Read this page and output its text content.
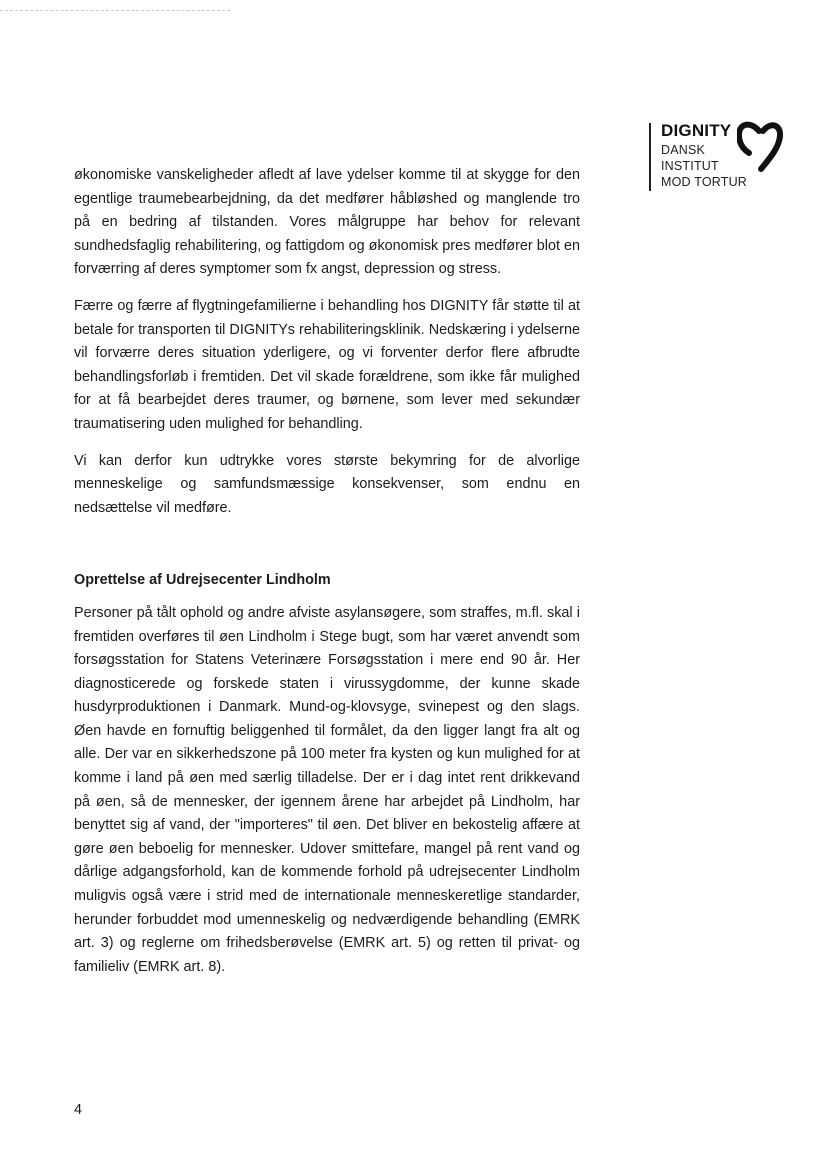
DIGNITY
DANSK
INSTITUT
MOD TORTUR

økonomiske vanskeligheder afledt af lave ydelser komme til at skygge for den egentlige traumebearbejdning, da det medfører håbløshed og manglende tro på en bedring af tilstanden. Vores målgruppe har behov for relevant sundhedsfaglig rehabilitering, og fattigdom og økonomisk pres medfører blot en forværring af deres symptomer som fx angst, depression og stress.

Færre og færre af flygtningefamilierne i behandling hos DIGNITY får støtte til at betale for transporten til DIGNITYs rehabiliteringsklinik. Nedskæring i ydelserne vil forværre deres situation yderligere, og vi forventer derfor flere afbrudte behandlingsforløb i fremtiden. Det vil skade forældrene, som ikke får mulighed for at få bearbejdet deres traumer, og børnene, som lever med sekundær traumatisering uden mulighed for behandling.

Vi kan derfor kun udtrykke vores største bekymring for de alvorlige menneskelige og samfundsmæssige konsekvenser, som endnu en nedsættelse vil medføre.

Oprettelse af Udrejsecenter Lindholm

Personer på tålt ophold og andre afviste asylansøgere, som straffes, m.fl. skal i fremtiden overføres til øen Lindholm i Stege bugt, som har været anvendt som forsøgsstation for Statens Veterinære Forsøgsstation i mere end 90 år. Her diagnosticerede og forskede staten i virussygdomme, der kunne skade husdyrproduktionen i Danmark. Mund-og-klovsyge, svinepest og den slags. Øen havde en fornuftig beliggenhed til formålet, da den ligger langt fra alt og alle. Der var en sikkerhedszone på 100 meter fra kysten og kun mulighed for at komme i land på øen med særlig tilladelse. Der er i dag intet rent drikkevand på øen, så de mennesker, der igennem årene har arbejdet på Lindholm, har benyttet sig af vand, der "importeres" til øen. Det bliver en bekostelig affære at gøre øen beboelig for mennesker. Udover smittefare, mangel på rent vand og dårlige adgangsforhold, kan de kommende forhold på udrejsecenter Lindholm muligvis også være i strid med de internationale menneskeretlige standarder, herunder forbuddet mod umenneskelig og nedværdigende behandling (EMRK art. 3) og reglerne om frihedsberøvelse (EMRK art. 5) og retten til privat- og familieliv (EMRK art. 8).

4
